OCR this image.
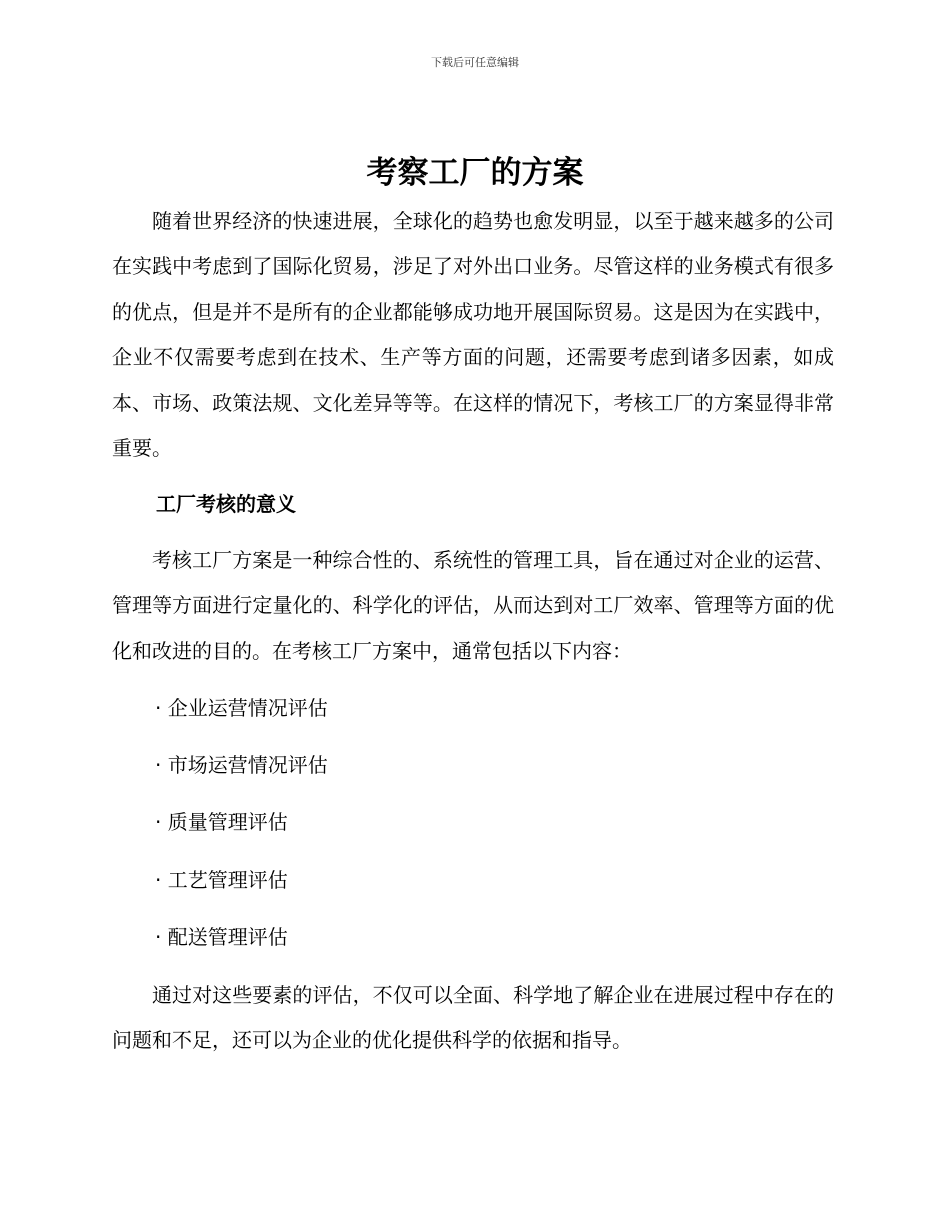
下载后可任意编辑
考察工厂的方案

随着世界经济的快速进展，全球化的趋势也愈发明显，以至于越来越多的公司在实践中考虑到了国际化贸易，涉足了对外出口业务。尽管这样的业务模式有很多的优点，但是并不是所有的企业都能够成功地开展国际贸易。这是因为在实践中，企业不仅需要考虑到在技术、生产等方面的问题，还需要考虑到诸多因素，如成本、市场、政策法规、文化差异等等。在这样的情况下，考核工厂的方案显得非常重要。

工厂考核的意义

考核工厂方案是一种综合性的、系统性的管理工具，旨在通过对企业的运营、管理等方面进行定量化的、科学化的评估，从而达到对工厂效率、管理等方面的优化和改进的目的。在考核工厂方案中，通常包括以下内容：

· 企业运营情况评估
· 市场运营情况评估
· 质量管理评估
· 工艺管理评估
· 配送管理评估

通过对这些要素的评估，不仅可以全面、科学地了解企业在进展过程中存在的问题和不足，还可以为企业的优化提供科学的依据和指导。
